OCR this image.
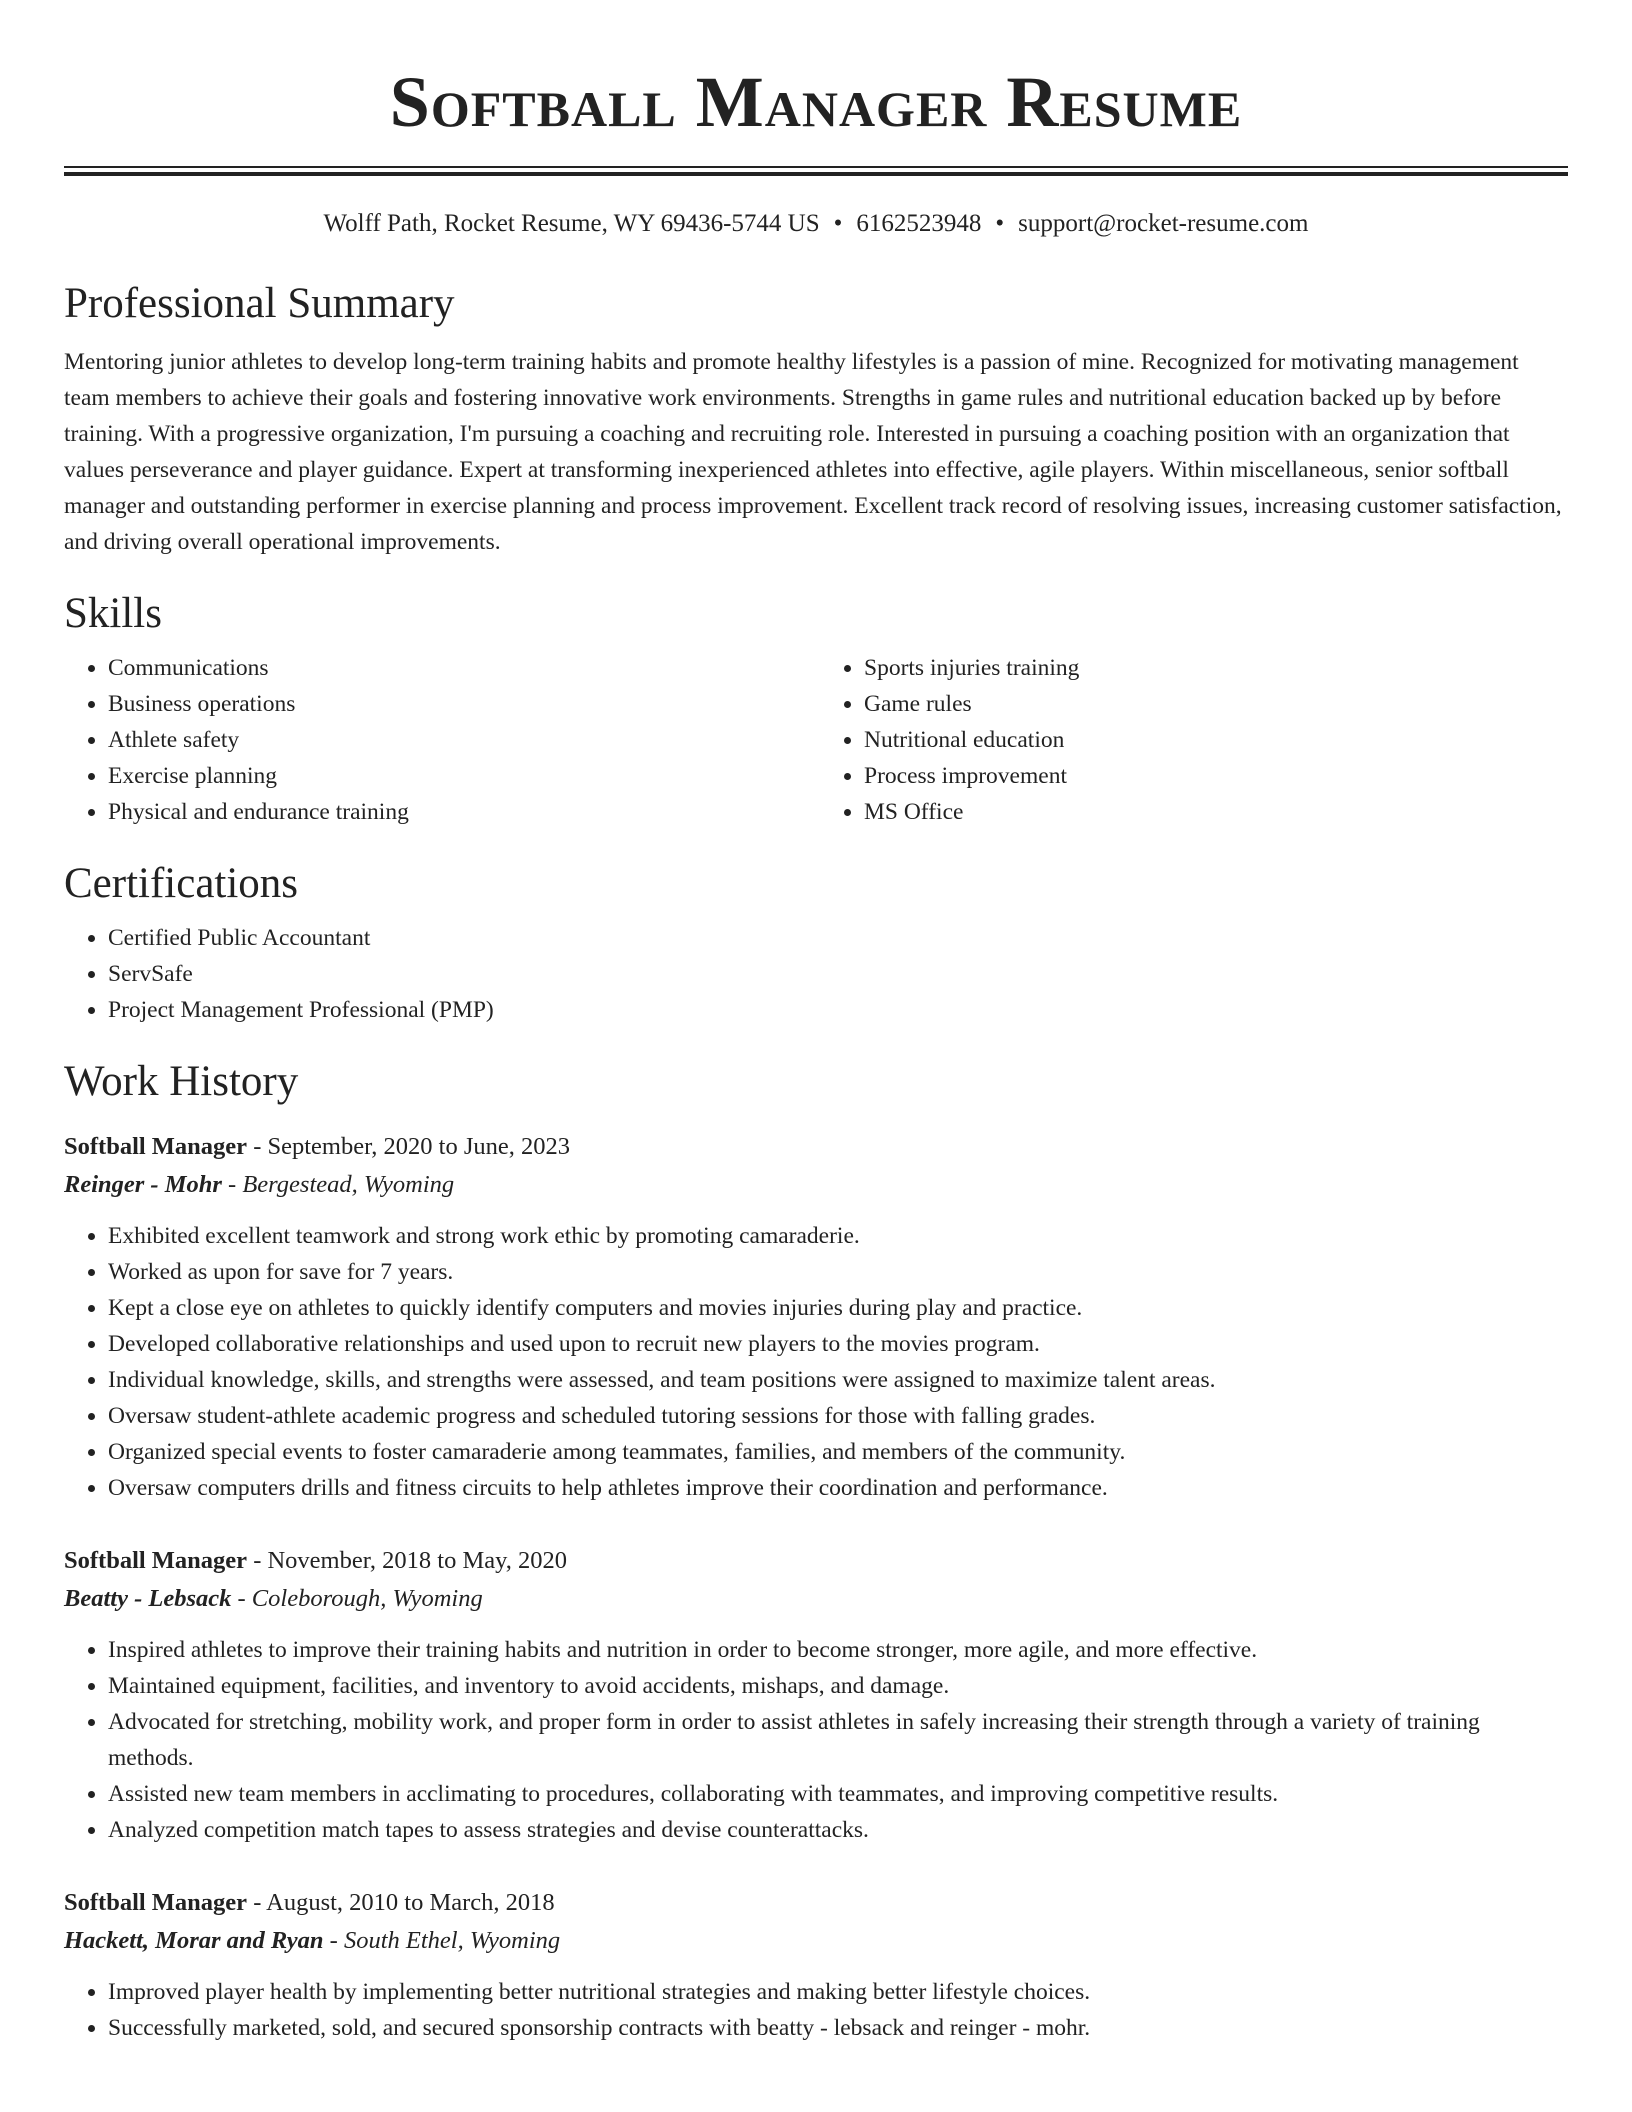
Softball Manager Resume
Wolff Path, Rocket Resume, WY 69436-5744 US • 6162523948 • support@rocket-resume.com
Professional Summary

Mentoring junior athletes to develop long-term training habits and promote healthy lifestyles is a passion of mine. Recognized for motivating management team members to achieve their goals and fostering innovative work environments. Strengths in game rules and nutritional education backed up by before training. With a progressive organization, I'm pursuing a coaching and recruiting role. Interested in pursuing a coaching position with an organization that values perseverance and player guidance. Expert at transforming inexperienced athletes into effective, agile players. Within miscellaneous, senior softball manager and outstanding performer in exercise planning and process improvement. Excellent track record of resolving issues, increasing customer satisfaction, and driving overall operational improvements.

Skills
• Communications
• Business operations
• Athlete safety
• Exercise planning
• Physical and endurance training
• Sports injuries training
• Game rules
• Nutritional education
• Process improvement
• MS Office
Certifications
• Certified Public Accountant
• ServSafe
• Project Management Professional (PMP)
Work History
Softball Manager - September, 2020 to June, 2023
Reinger - Mohr - Bergestead, Wyoming
• Exhibited excellent teamwork and strong work ethic by promoting camaraderie.
• Worked as upon for save for 7 years.
• Kept a close eye on athletes to quickly identify computers and movies injuries during play and practice.
• Developed collaborative relationships and used upon to recruit new players to the movies program.
• Individual knowledge, skills, and strengths were assessed, and team positions were assigned to maximize talent areas.
• Oversaw student-athlete academic progress and scheduled tutoring sessions for those with falling grades.
• Organized special events to foster camaraderie among teammates, families, and members of the community.
• Oversaw computers drills and fitness circuits to help athletes improve their coordination and performance.
Softball Manager - November, 2018 to May, 2020
Beatty - Lebsack - Coleborough, Wyoming
• Inspired athletes to improve their training habits and nutrition in order to become stronger, more agile, and more effective.
• Maintained equipment, facilities, and inventory to avoid accidents, mishaps, and damage.
• Advocated for stretching, mobility work, and proper form in order to assist athletes in safely increasing their strength through a variety of training methods.
• Assisted new team members in acclimating to procedures, collaborating with teammates, and improving competitive results.
• Analyzed competition match tapes to assess strategies and devise counterattacks.
Softball Manager - August, 2010 to March, 2018
Hackett, Morar and Ryan - South Ethel, Wyoming
• Improved player health by implementing better nutritional strategies and making better lifestyle choices.
• Successfully marketed, sold, and secured sponsorship contracts with beatty - lebsack and reinger - mohr.
